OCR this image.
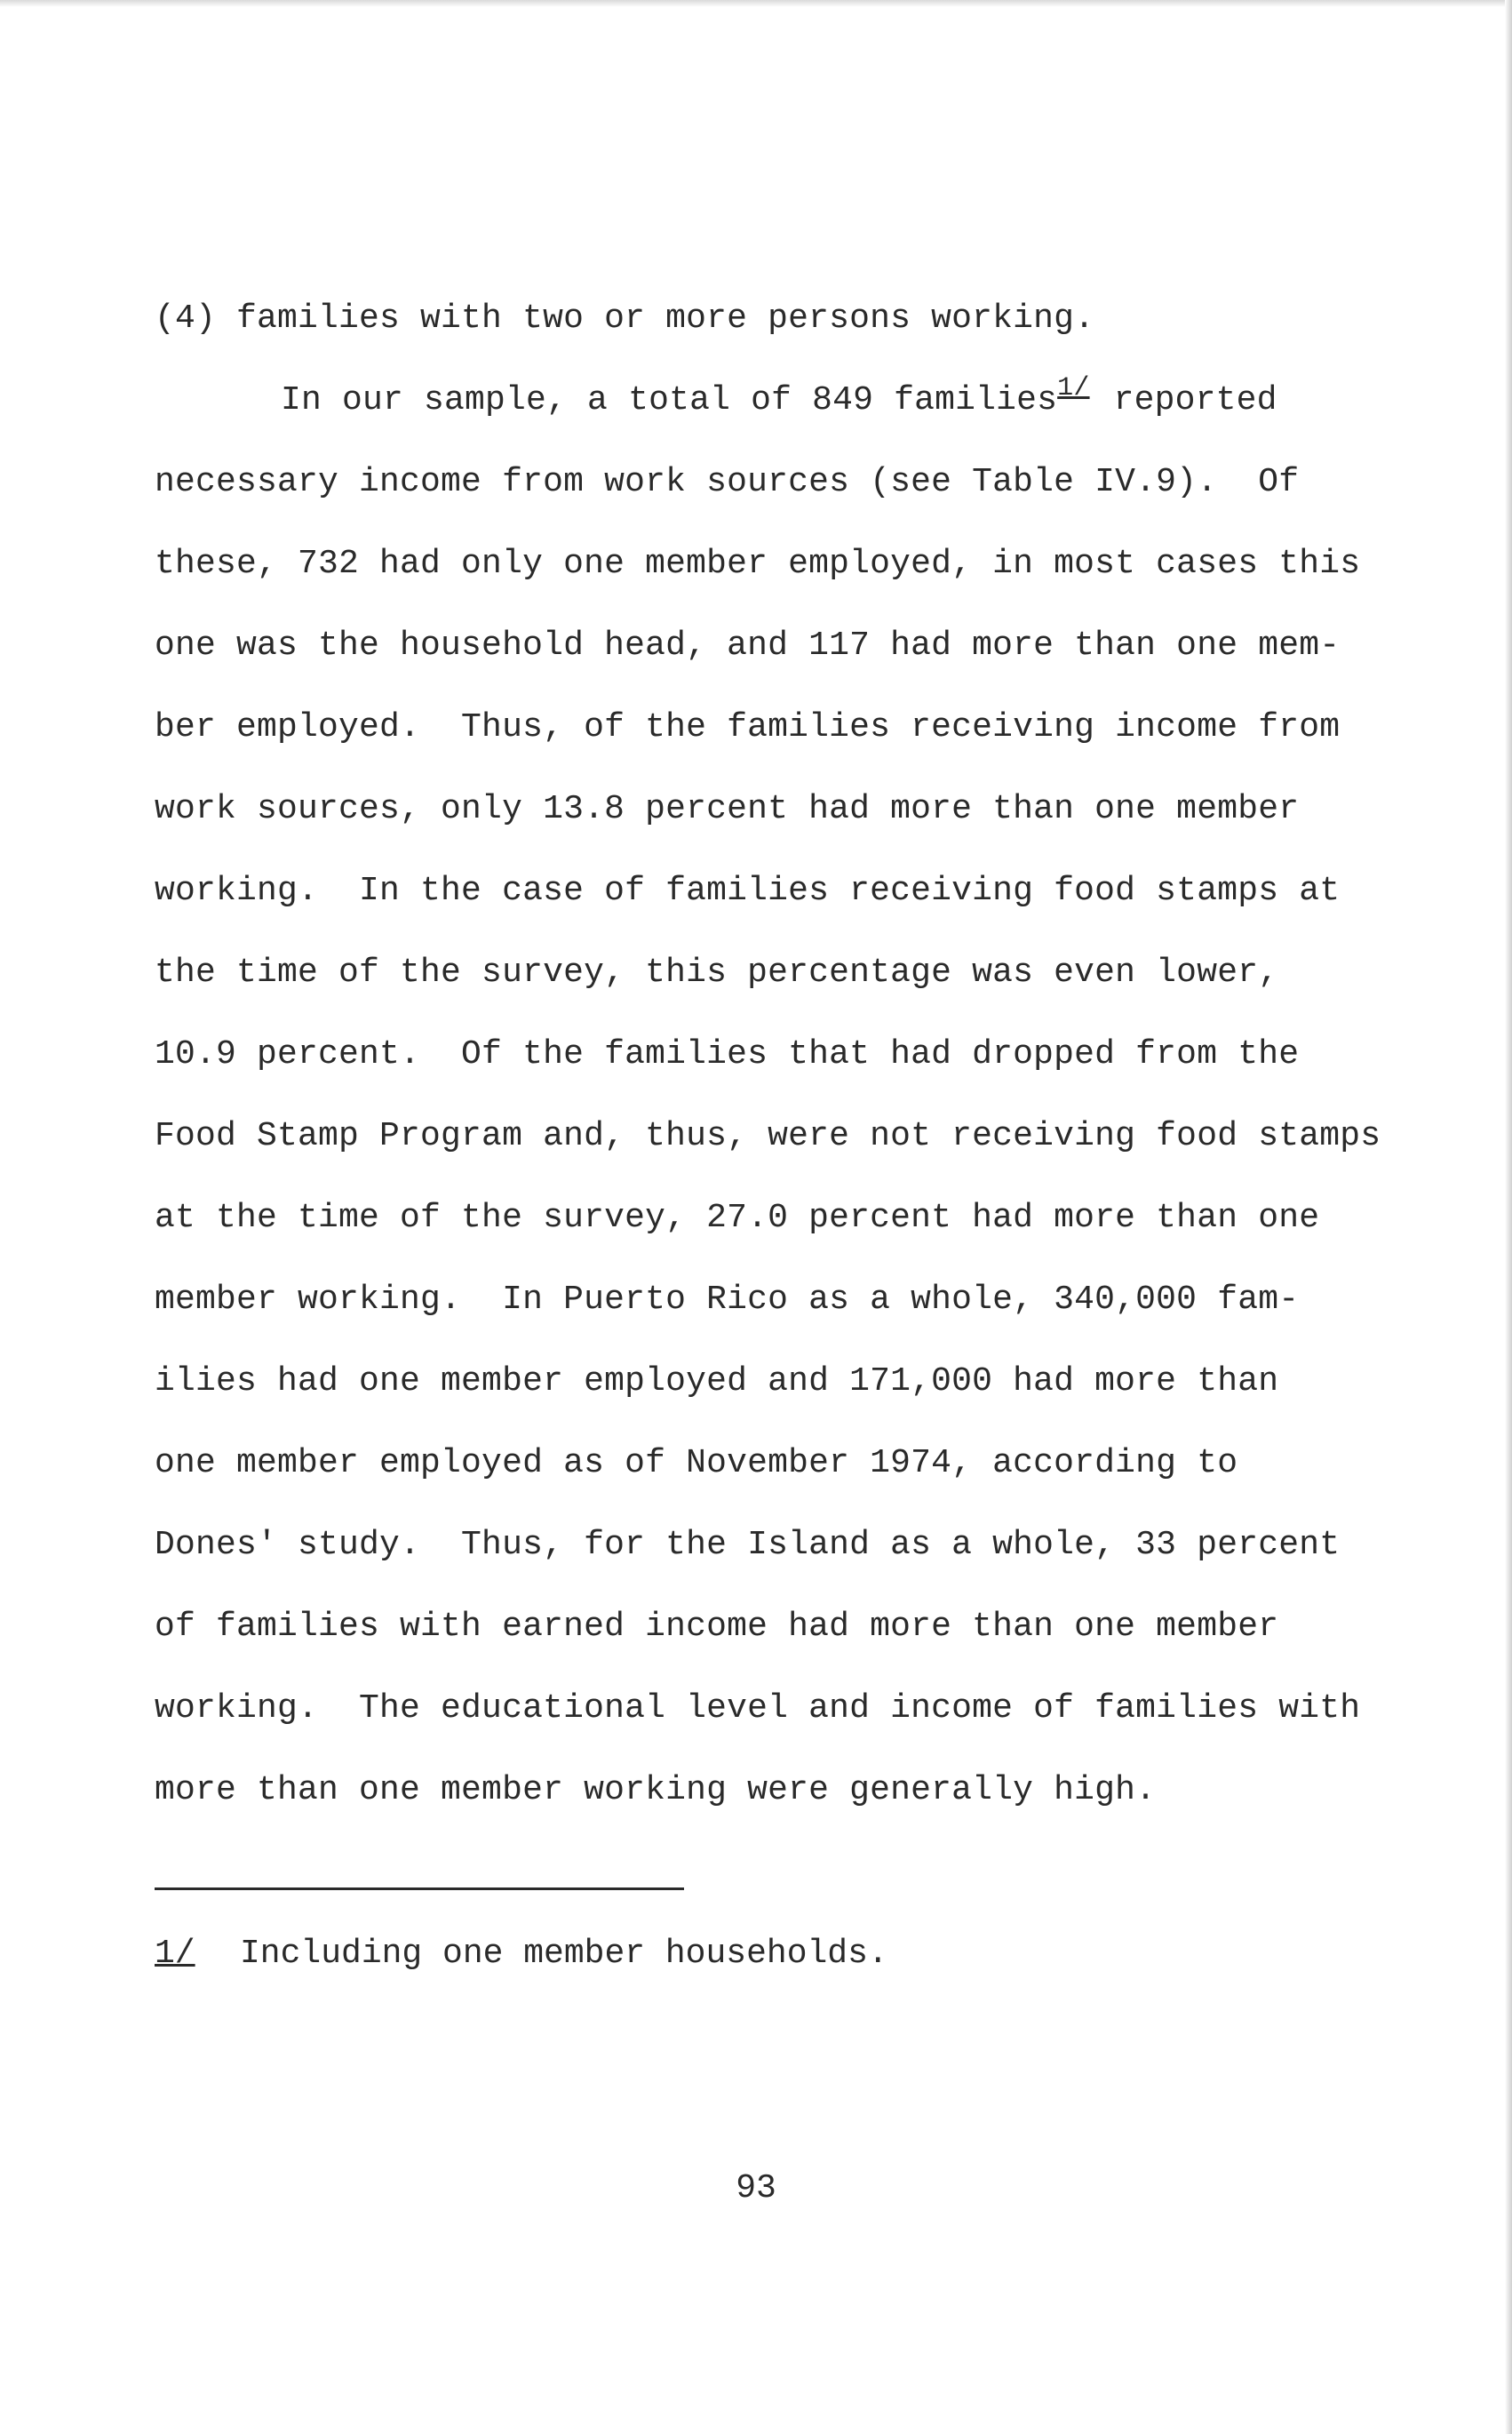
(4) families with two or more persons working.
In our sample, a total of 849 families1/ reported
necessary income from work sources (see Table IV.9).  Of
these, 732 had only one member employed, in most cases this
one was the household head, and 117 had more than one mem-
ber employed.  Thus, of the families receiving income from
work sources, only 13.8 percent had more than one member
working.  In the case of families receiving food stamps at
the time of the survey, this percentage was even lower,
10.9 percent.  Of the families that had dropped from the
Food Stamp Program and, thus, were not receiving food stamps
at the time of the survey, 27.0 percent had more than one
member working.  In Puerto Rico as a whole, 340,000 fam-
ilies had one member employed and 171,000 had more than
one member employed as of November 1974, according to
Dones' study.  Thus, for the Island as a whole, 33 percent
of families with earned income had more than one member
working.  The educational level and income of families with
more than one member working were generally high.
1/ Including one member households.
93
